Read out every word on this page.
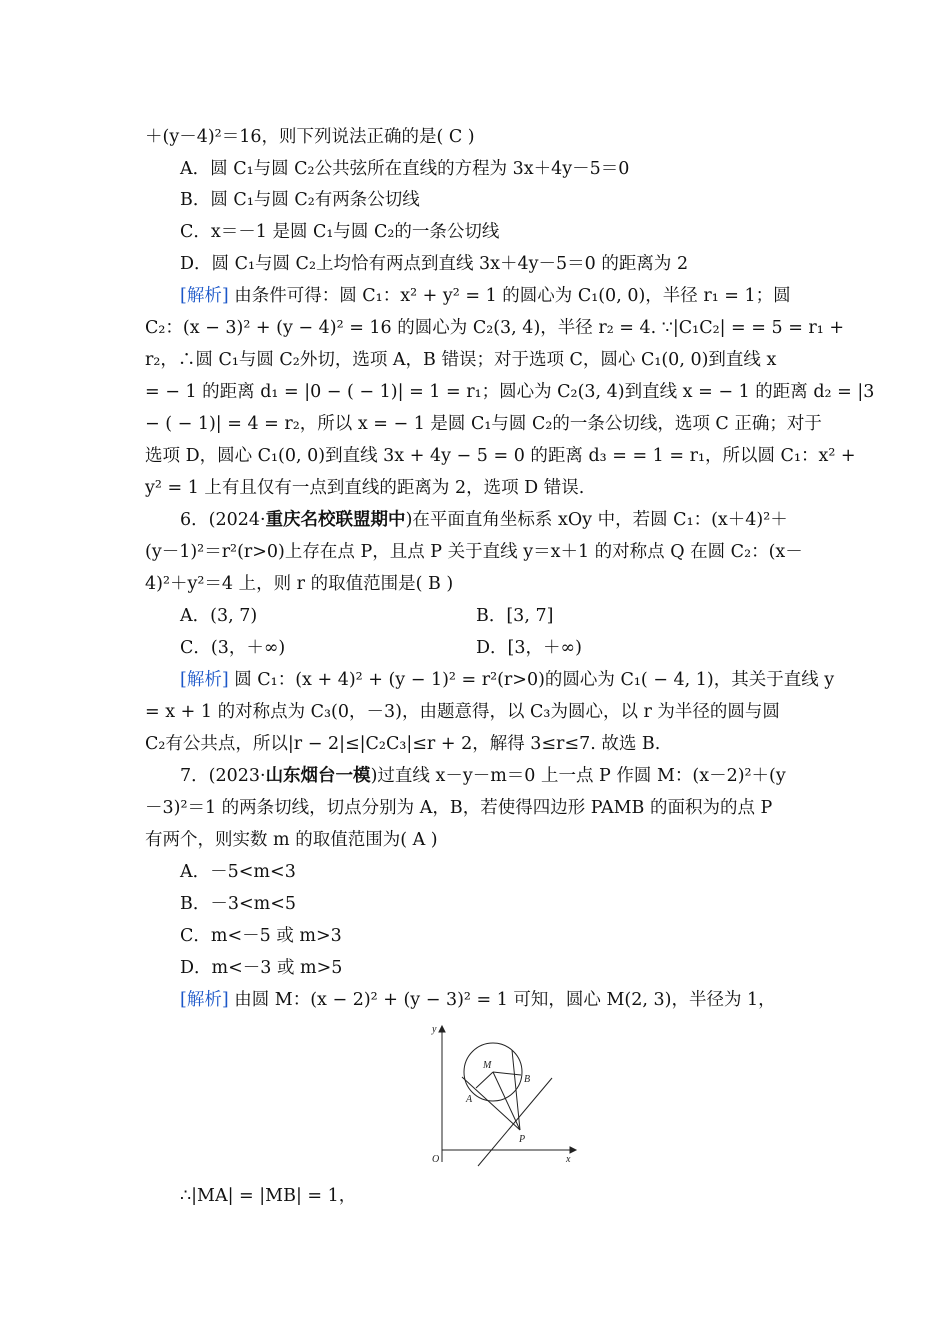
＋(y－4)²＝16，则下列说法正确的是( C )
A．圆 C₁与圆 C₂公共弦所在直线的方程为 3x＋4y－5＝0
B．圆 C₁与圆 C₂有两条公切线
C．x＝－1 是圆 C₁与圆 C₂的一条公切线
D．圆 C₁与圆 C₂上均恰有两点到直线 3x＋4y－5＝0 的距离为 2
[解析] 由条件可得：圆 C₁：x² + y² = 1 的圆心为 C₁(0, 0)，半径 r₁ = 1；圆
C₂：(x − 3)² + (y − 4)² = 16 的圆心为 C₂(3, 4)，半径 r₂ = 4. ∵|C₁C₂| = = 5 = r₁ +
r₂，∴圆 C₁与圆 C₂外切，选项 A，B 错误；对于选项 C，圆心 C₁(0, 0)到直线 x
= − 1 的距离 d₁ = |0 − ( − 1)| = 1 = r₁；圆心为 C₂(3, 4)到直线 x = − 1 的距离 d₂ = |3
− ( − 1)| = 4 = r₂，所以 x = − 1 是圆 C₁与圆 C₂的一条公切线，选项 C 正确；对于
选项 D，圆心 C₁(0, 0)到直线 3x + 4y − 5 = 0 的距离 d₃ = = 1 = r₁，所以圆 C₁：x² +
y² = 1 上有且仅有一点到直线的距离为 2，选项 D 错误.
6．(2024·重庆名校联盟期中)在平面直角坐标系 xOy 中，若圆 C₁：(x＋4)²＋
(y－1)²＝r²(r>0)上存在点 P，且点 P 关于直线 y＝x＋1 的对称点 Q 在圆 C₂：(x－
4)²＋y²＝4 上，则 r 的取值范围是( B )
A．(3, 7)	B．[3, 7]
C．(3，＋∞)	D．[3，＋∞)
[解析] 圆 C₁：(x + 4)² + (y − 1)² = r²(r>0)的圆心为 C₁( − 4, 1)，其关于直线 y
= x + 1 的对称点为 C₃(0，－3)，由题意得，以 C₃为圆心，以 r 为半径的圆与圆
C₂有公共点，所以|r − 2|≤|C₂C₃|≤r + 2，解得 3≤r≤7. 故选 B.
7．(2023·山东烟台一模)过直线 x－y－m＝0 上一点 P 作圆 M：(x－2)²＋(y
－3)²＝1 的两条切线，切点分别为 A，B，若使得四边形 PAMB 的面积为的点 P
有两个，则实数 m 的取值范围为( A )
A．－5<m<3
B．－3<m<5
C．m<－5 或 m>3
D．m<－3 或 m>5
[解析] 由圆 M：(x − 2)² + (y − 3)² = 1 可知，圆心 M(2, 3)，半径为 1，
y
x
O
M
A
B
P
∴|MA| = |MB| = 1，
